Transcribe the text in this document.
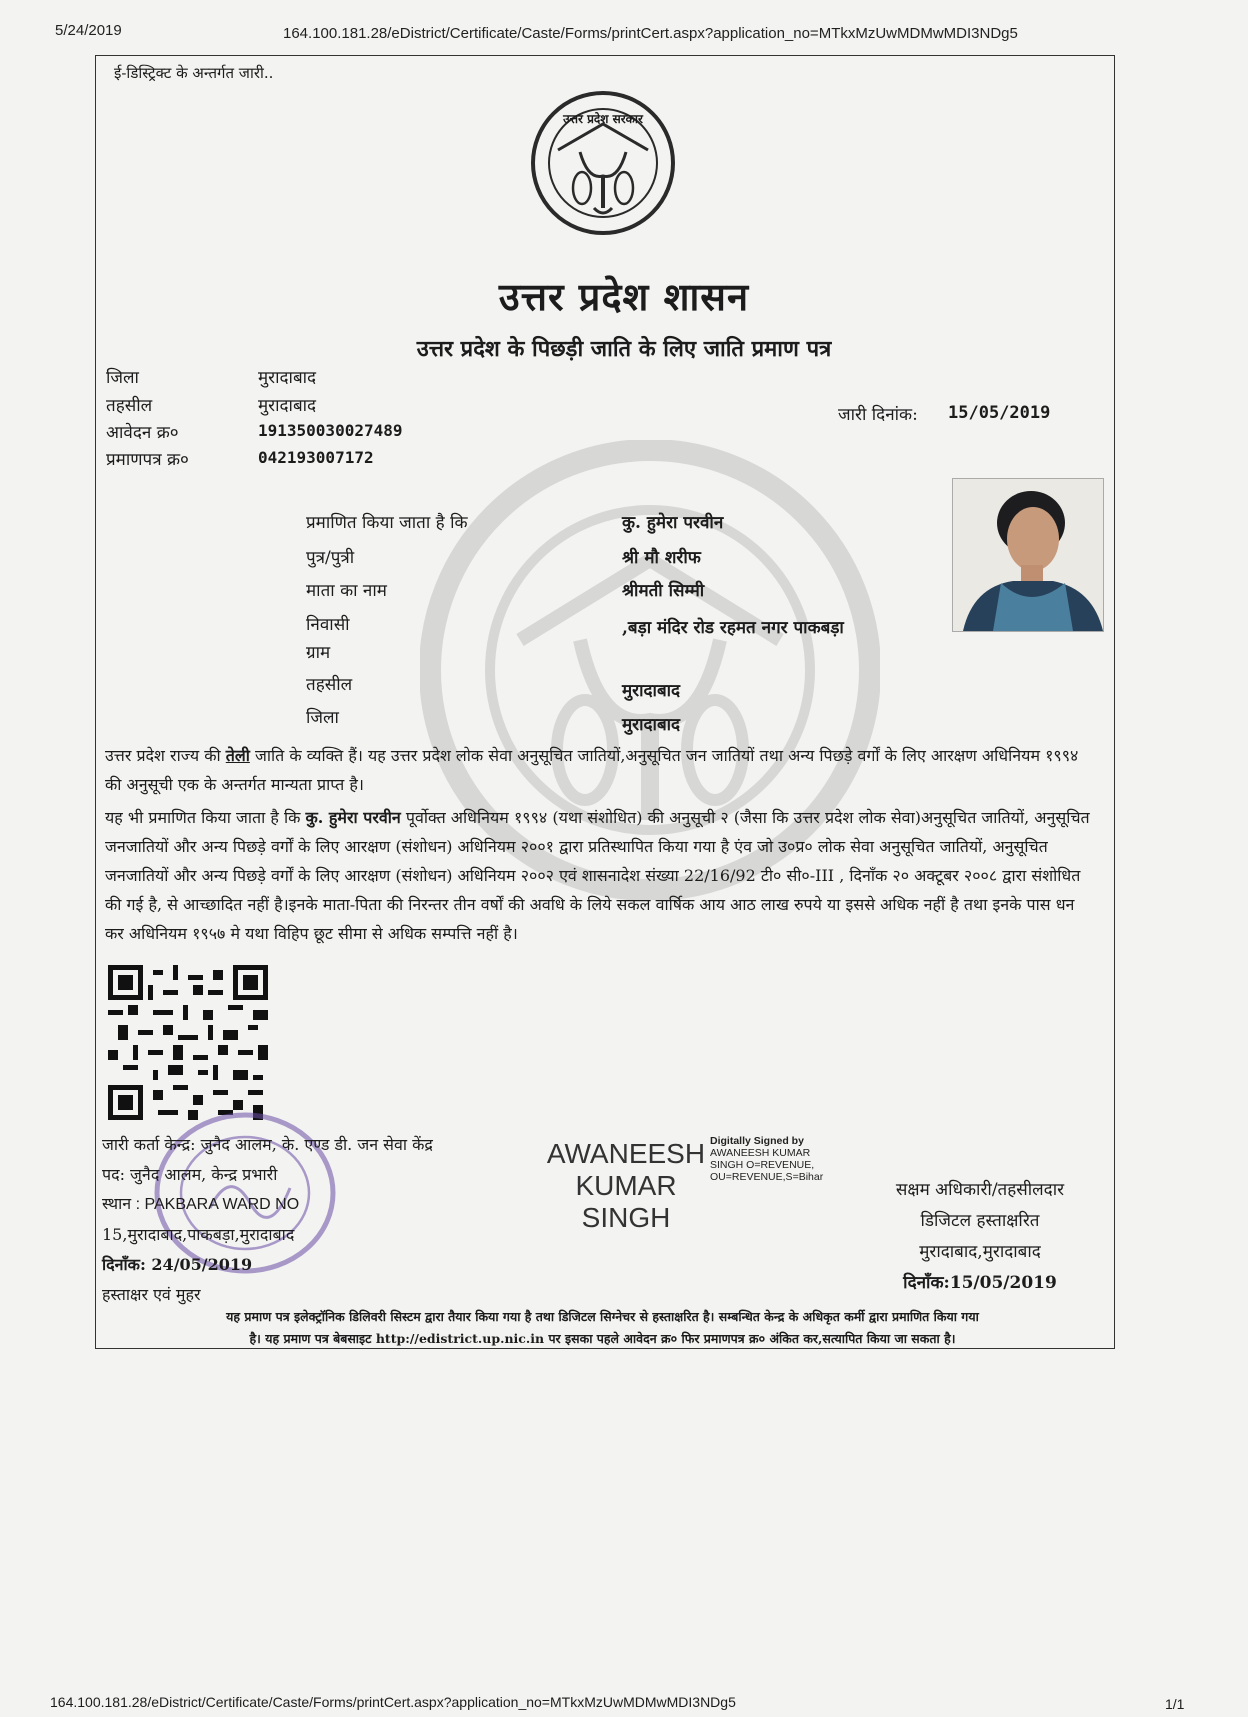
5/24/2019	164.100.181.28/eDistrict/Certificate/Caste/Forms/printCert.aspx?application_no=MTkxMzUwMDMwMDI3NDg5
ई-डिस्ट्रिक्ट के अन्तर्गत जारी..
उत्तर प्रदेश सरकार
उत्तर प्रदेश शासन
उत्तर प्रदेश के पिछड़ी जाति के लिए जाति प्रमाण पत्र
जिला	मुरादाबाद
तहसील	मुरादाबाद
आवेदन क्र०	191350030027489
प्रमाणपत्र क्र०	042193007172
जारी दिनांक: 15/05/2019
प्रमाणित किया जाता है कि	कु. हुमेरा परवीन
पुत्र/पुत्री	श्री मौ शरीफ
माता का नाम	श्रीमती सिम्मी
निवासी	,बड़ा मंदिर रोड रहमत नगर पाकबड़ा
ग्राम
तहसील	मुरादाबाद
जिला	मुरादाबाद
उत्तर प्रदेश राज्य की तेली जाति के व्यक्ति हैं। यह उत्तर प्रदेश लोक सेवा अनुसूचित जातियों,अनुसूचित जन जातियों तथा अन्य पिछड़े वर्गों के लिए आरक्षण अधिनियम १९९४ की अनुसूची एक के अन्तर्गत मान्यता प्राप्त है।
यह भी प्रमाणित किया जाता है कि कु. हुमेरा परवीन पूर्वोक्त अधिनियम १९९४ (यथा संशोधित) की अनुसूची २ (जैसा कि उत्तर प्रदेश लोक सेवा)अनुसूचित जातियों, अनुसूचित जनजातियों और अन्य पिछड़े वर्गों के लिए आरक्षण (संशोधन) अधिनियम २००१ द्वारा प्रतिस्थापित किया गया है एंव जो उ०प्र० लोक सेवा अनुसूचित जातियों, अनुसूचित जनजातियों और अन्य पिछड़े वर्गों के लिए आरक्षण (संशोधन) अधिनियम २००२ एवं शासनादेश संख्या 22/16/92 टी० सी०-III , दिनाँक २० अक्टूबर २००८ द्वारा संशोधित की गई है, से आच्छादित नहीं है।इनके माता-पिता की निरन्तर तीन वर्षों की अवधि के लिये सकल वार्षिक आय आठ लाख रुपये या इससे अधिक नहीं है तथा इनके पास धन कर अधिनियम १९५७ मे यथा विहिप छूट सीमा से अधिक सम्पत्ति नहीं है।
जारी कर्ता केन्द्र: जुनैद आलम, के. एण्ड डी. जन सेवा केंद्र
पद: जुनैद आलम, केन्द्र प्रभारी
स्थान : PAKBARA WARD NO
15,मुरादाबाद,पाकबड़ा,मुरादाबाद
दिनाँक: 24/05/2019
हस्ताक्षर एवं मुहर
AWANEESH
KUMAR
SINGH
Digitally Signed by
AWANEESH KUMAR
SINGH O=REVENUE,
OU=REVENUE,S=Bihar
सक्षम अधिकारी/तहसीलदार
डिजिटल हस्ताक्षरित
मुरादाबाद,मुरादाबाद
दिनाँक:15/05/2019
यह प्रमाण पत्र इलेक्ट्रॉनिक डिलिवरी सिस्टम द्वारा तैयार किया गया है तथा डिजिटल सिग्नेचर से हस्ताक्षरित है। सम्बन्धित केन्द्र के अधिकृत कर्मी द्वारा प्रमाणित किया गया
है। यह प्रमाण पत्र बेबसाइट http://edistrict.up.nic.in पर इसका पहले आवेदन क्र० फिर प्रमाणपत्र क्र० अंकित कर,सत्यापित किया जा सकता है।
164.100.181.28/eDistrict/Certificate/Caste/Forms/printCert.aspx?application_no=MTkxMzUwMDMwMDI3NDg5	1/1
